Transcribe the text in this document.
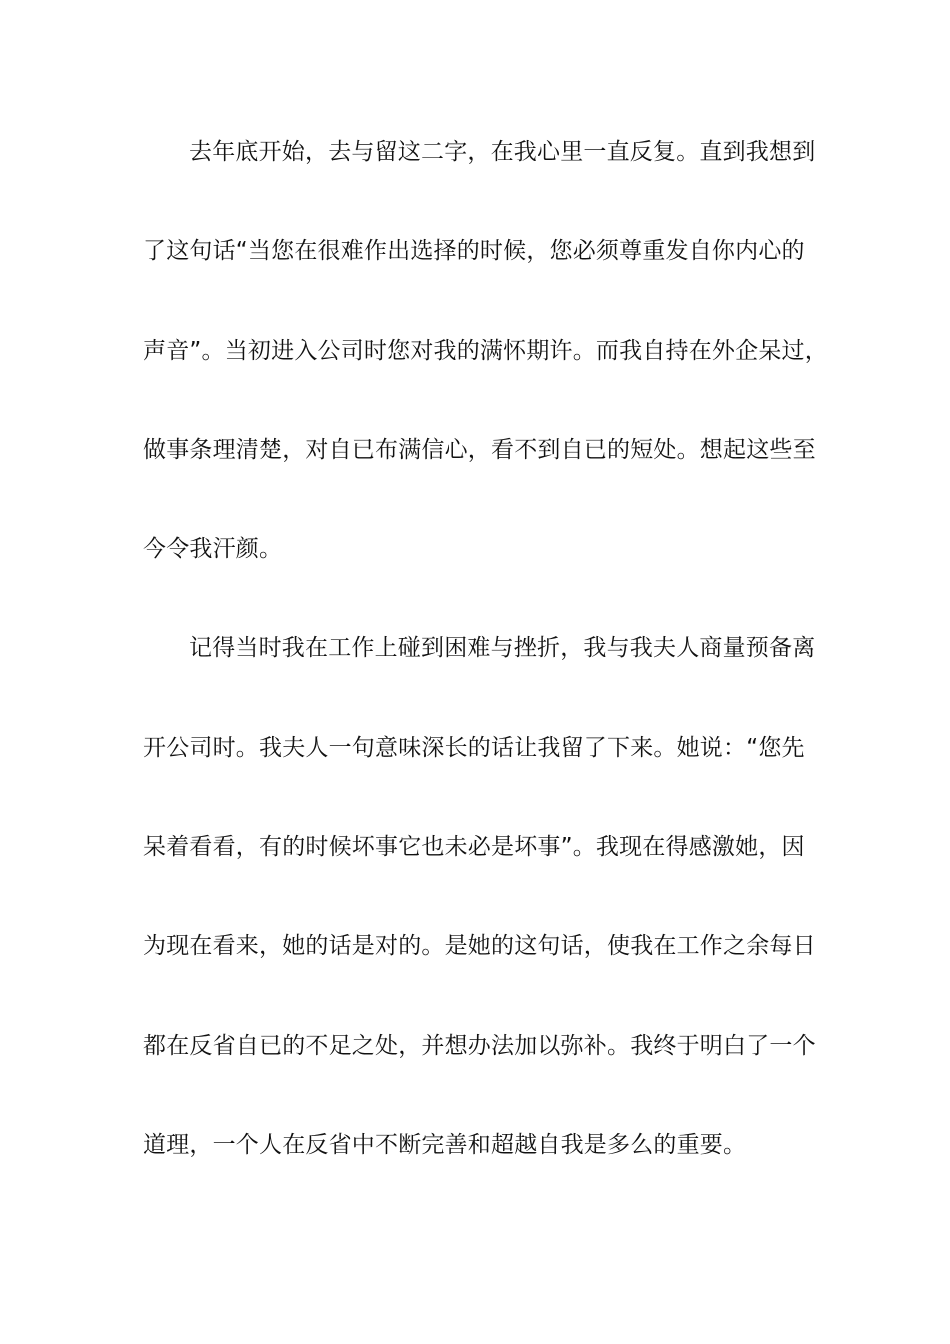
去年底开始，去与留这二字，在我心里一直反复。直到我想到
了这句话“当您在很难作出选择的时候，您必须尊重发自你内心的
声音”。当初进入公司时您对我的满怀期许。而我自持在外企呆过，
做事条理清楚，对自已布满信心，看不到自已的短处。想起这些至
今令我汗颜。
记得当时我在工作上碰到困难与挫折，我与我夫人商量预备离
开公司时。我夫人一句意味深长的话让我留了下来。她说：“您先
呆着看看，有的时候坏事它也未必是坏事”。我现在得感激她，因
为现在看来，她的话是对的。是她的这句话，使我在工作之余每日
都在反省自已的不足之处，并想办法加以弥补。我终于明白了一个
道理，一个人在反省中不断完善和超越自我是多么的重要。
